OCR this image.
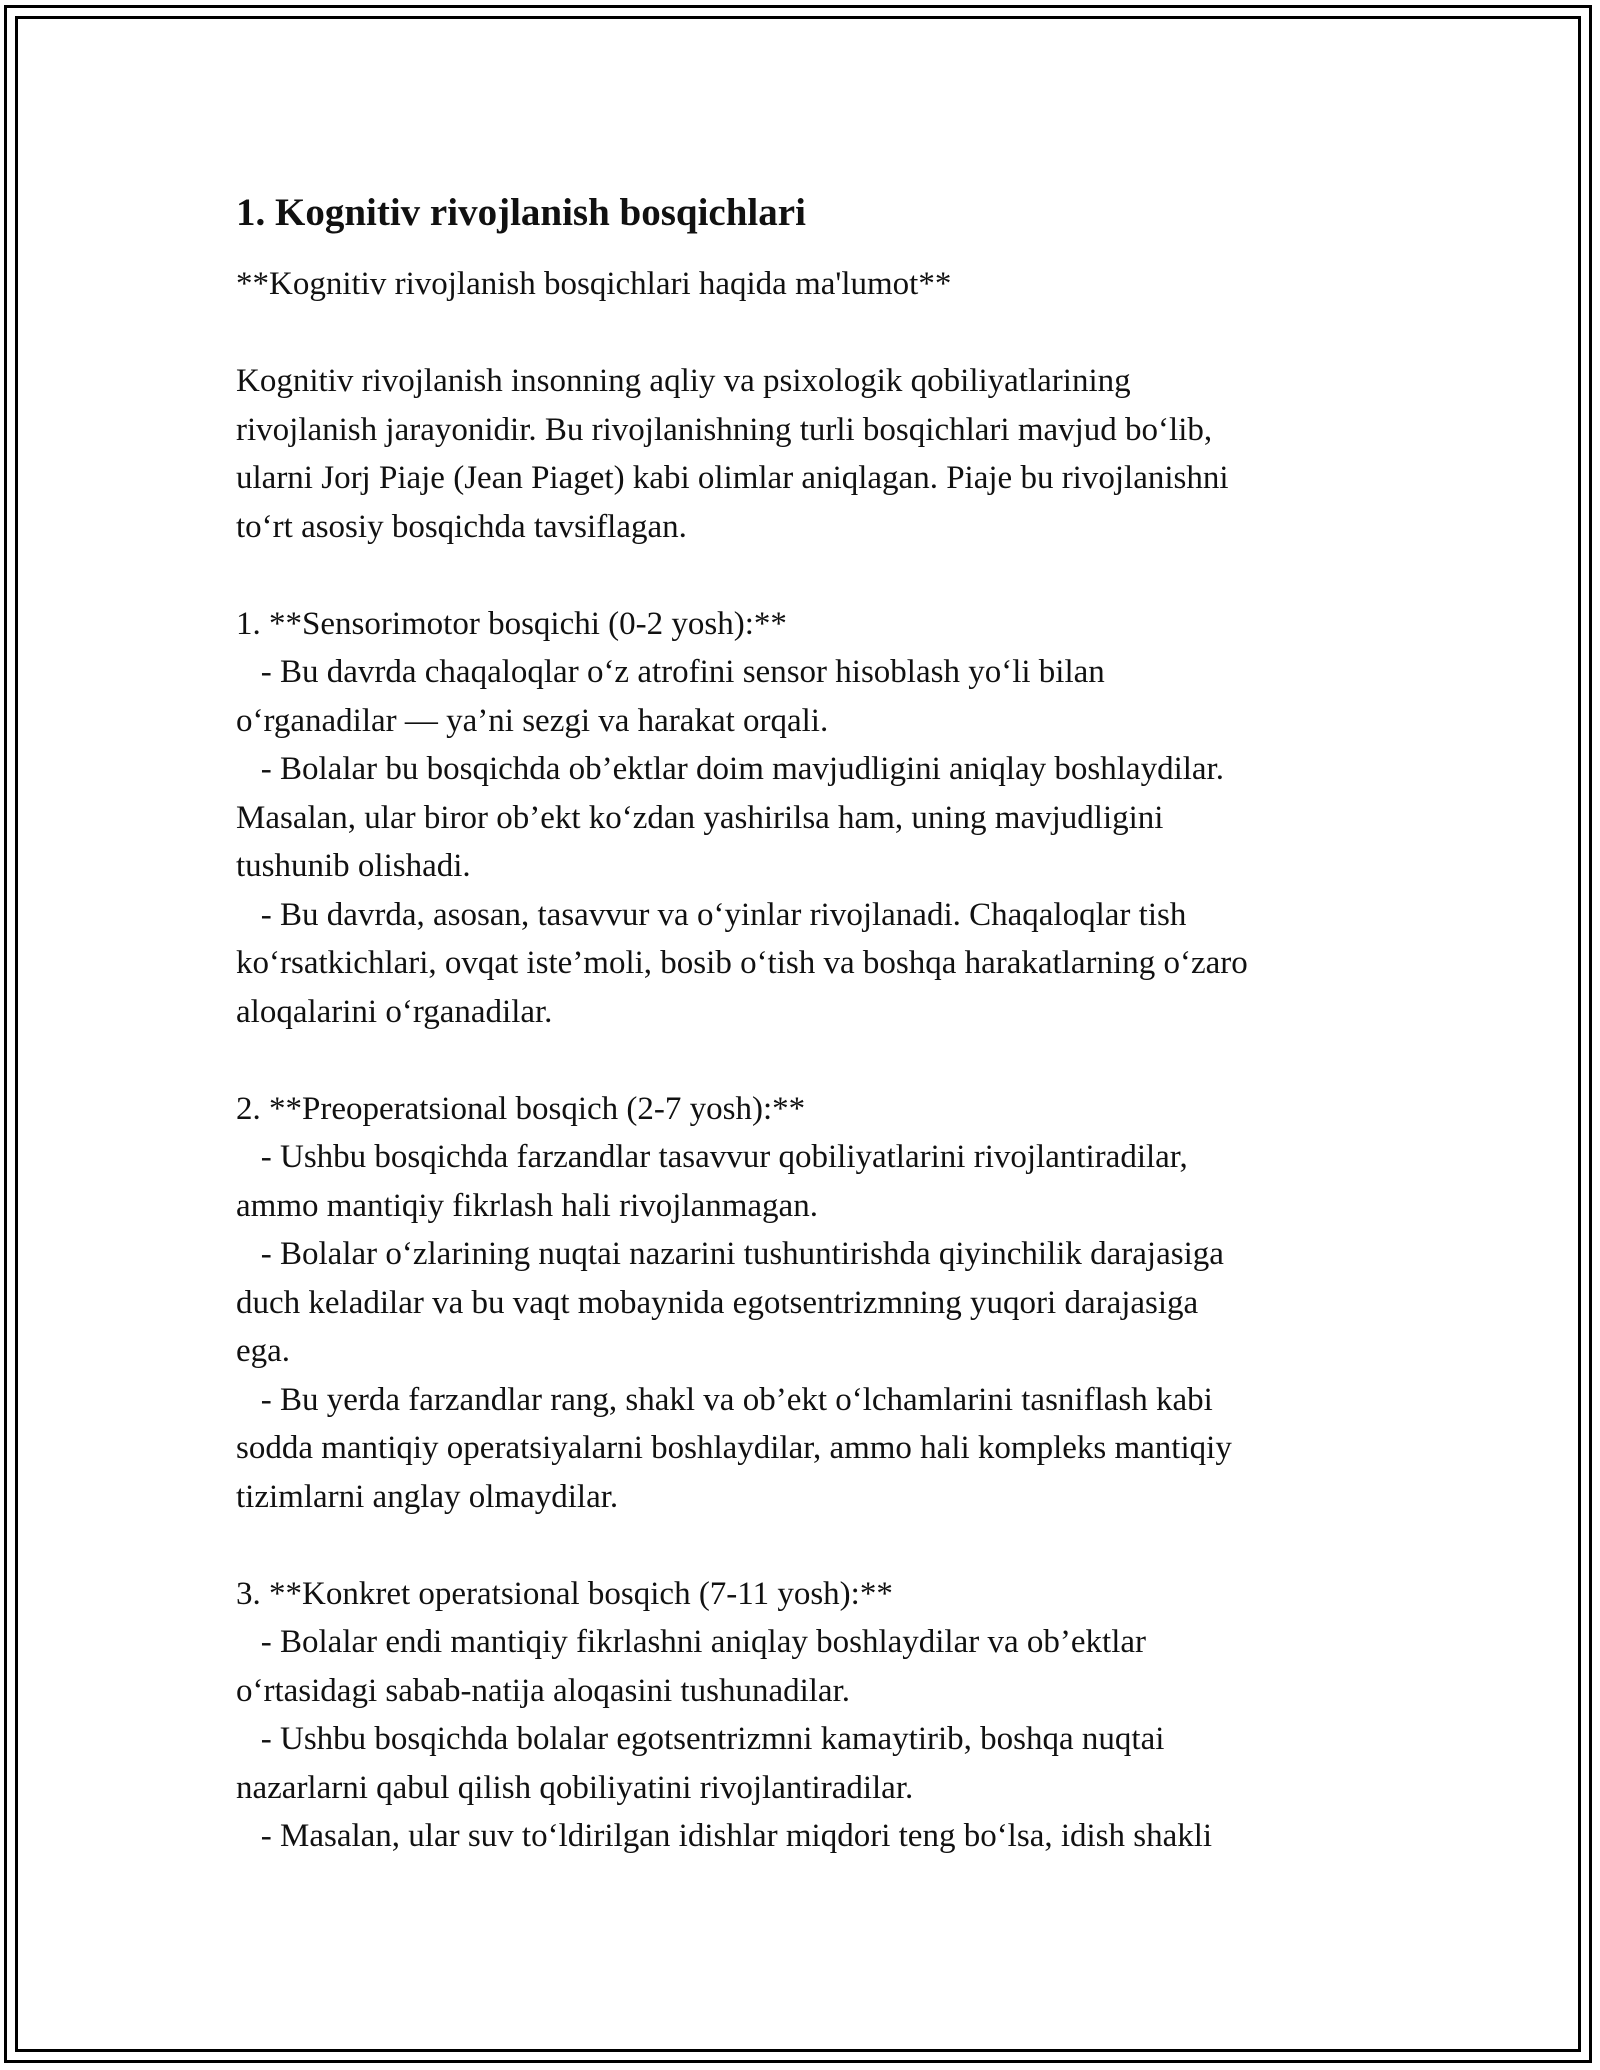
1. Kognitiv rivojlanish bosqichlari
**Kognitiv rivojlanish bosqichlari haqida ma'lumot**
Kognitiv rivojlanish insonning aqliy va psixologik qobiliyatlarining
rivojlanish jarayonidir. Bu rivojlanishning turli bosqichlari mavjud bo‘lib,
ularni Jorj Piaje (Jean Piaget) kabi olimlar aniqlagan. Piaje bu rivojlanishni
to‘rt asosiy bosqichda tavsiflagan.
1. **Sensorimotor bosqichi (0-2 yosh):**
- Bu davrda chaqaloqlar o‘z atrofini sensor hisoblash yo‘li bilan
o‘rganadilar — ya’ni sezgi va harakat orqali.
- Bolalar bu bosqichda ob’ektlar doim mavjudligini aniqlay boshlaydilar.
Masalan, ular biror ob’ekt ko‘zdan yashirilsa ham, uning mavjudligini
tushunib olishadi.
- Bu davrda, asosan, tasavvur va o‘yinlar rivojlanadi. Chaqaloqlar tish
ko‘rsatkichlari, ovqat iste’moli, bosib o‘tish va boshqa harakatlarning o‘zaro
aloqalarini o‘rganadilar.
2. **Preoperatsional bosqich (2-7 yosh):**
- Ushbu bosqichda farzandlar tasavvur qobiliyatlarini rivojlantiradilar,
ammo mantiqiy fikrlash hali rivojlanmagan.
- Bolalar o‘zlarining nuqtai nazarini tushuntirishda qiyinchilik darajasiga
duch keladilar va bu vaqt mobaynida egotsentrizmning yuqori darajasiga
ega.
- Bu yerda farzandlar rang, shakl va ob’ekt o‘lchamlarini tasniflash kabi
sodda mantiqiy operatsiyalarni boshlaydilar, ammo hali kompleks mantiqiy
tizimlarni anglay olmaydilar.
3. **Konkret operatsional bosqich (7-11 yosh):**
- Bolalar endi mantiqiy fikrlashni aniqlay boshlaydilar va ob’ektlar
o‘rtasidagi sabab-natija aloqasini tushunadilar.
- Ushbu bosqichda bolalar egotsentrizmni kamaytirib, boshqa nuqtai
nazarlarni qabul qilish qobiliyatini rivojlantiradilar.
- Masalan, ular suv to‘ldirilgan idishlar miqdori teng bo‘lsa, idish shakli
